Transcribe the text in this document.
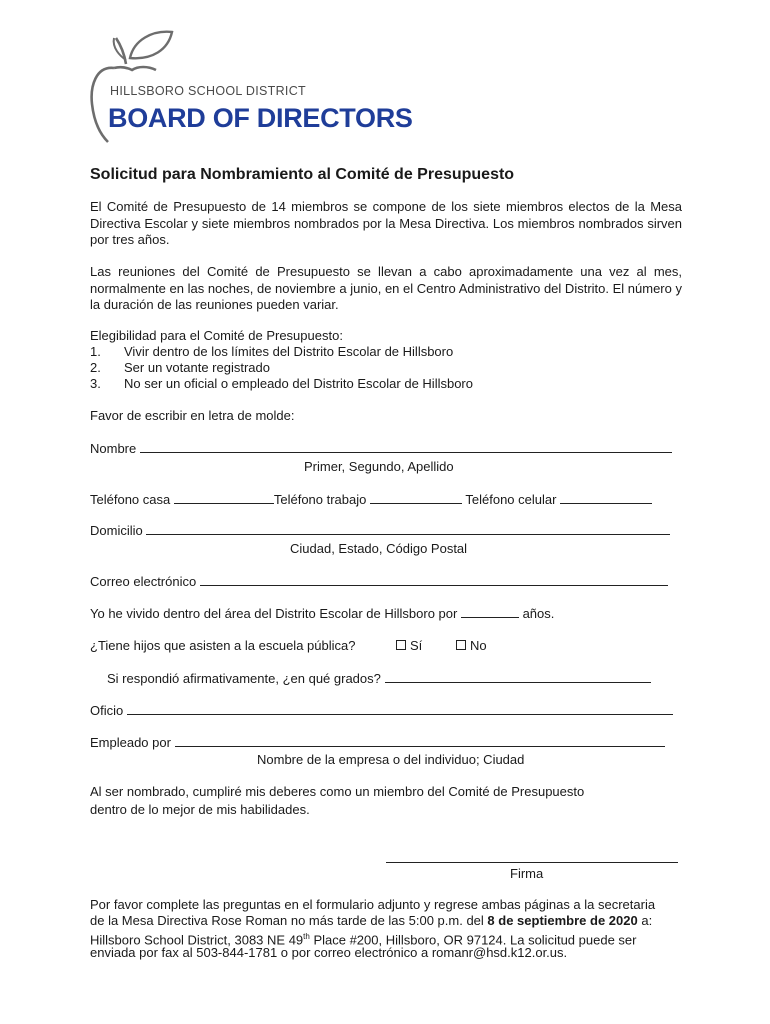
HILLSBORO SCHOOL DISTRICT
BOARD OF DIRECTORS
Solicitud para Nombramiento al Comité de Presupuesto
El Comité de Presupuesto de 14 miembros se compone de los siete miembros electos de la Mesa Directiva Escolar y siete miembros nombrados por la Mesa Directiva. Los miembros nombrados sirven por tres años.
Las reuniones del Comité de Presupuesto se llevan a cabo aproximadamente una vez al mes, normalmente en las noches, de noviembre a junio, en el Centro Administrativo del Distrito. El número y la duración de las reuniones pueden variar.
Elegibilidad para el Comité de Presupuesto:
1. Vivir dentro de los límites del Distrito Escolar de Hillsboro
2. Ser un votante registrado
3. No ser un oficial o empleado del Distrito Escolar de Hillsboro
Favor de escribir en letra de molde:
Nombre
Primer, Segundo, Apellido
Teléfono casa	Teléfono trabajo	Teléfono celular
Domicilio
Ciudad, Estado, Código Postal
Correo electrónico
Yo he vivido dentro del área del Distrito Escolar de Hillsboro por	años.
¿Tiene hijos que asisten a la escuela pública?	Sí	No
Si respondió afirmativamente, ¿en qué grados?
Oficio
Empleado por
Nombre de la empresa o del individuo; Ciudad
Al ser nombrado, cumpliré mis deberes como un miembro del Comité de Presupuesto
dentro de lo mejor de mis habilidades.
Firma
Por favor complete las preguntas en el formulario adjunto y regrese ambas páginas a la secretaria
de la Mesa Directiva Rose Roman no más tarde de las 5:00 p.m. del 8 de septiembre de 2020 a:
Hillsboro School District, 3083 NE 49th Place #200, Hillsboro, OR 97124. La solicitud puede ser
enviada por fax al 503-844-1781 o por correo electrónico a romanr@hsd.k12.or.us.
